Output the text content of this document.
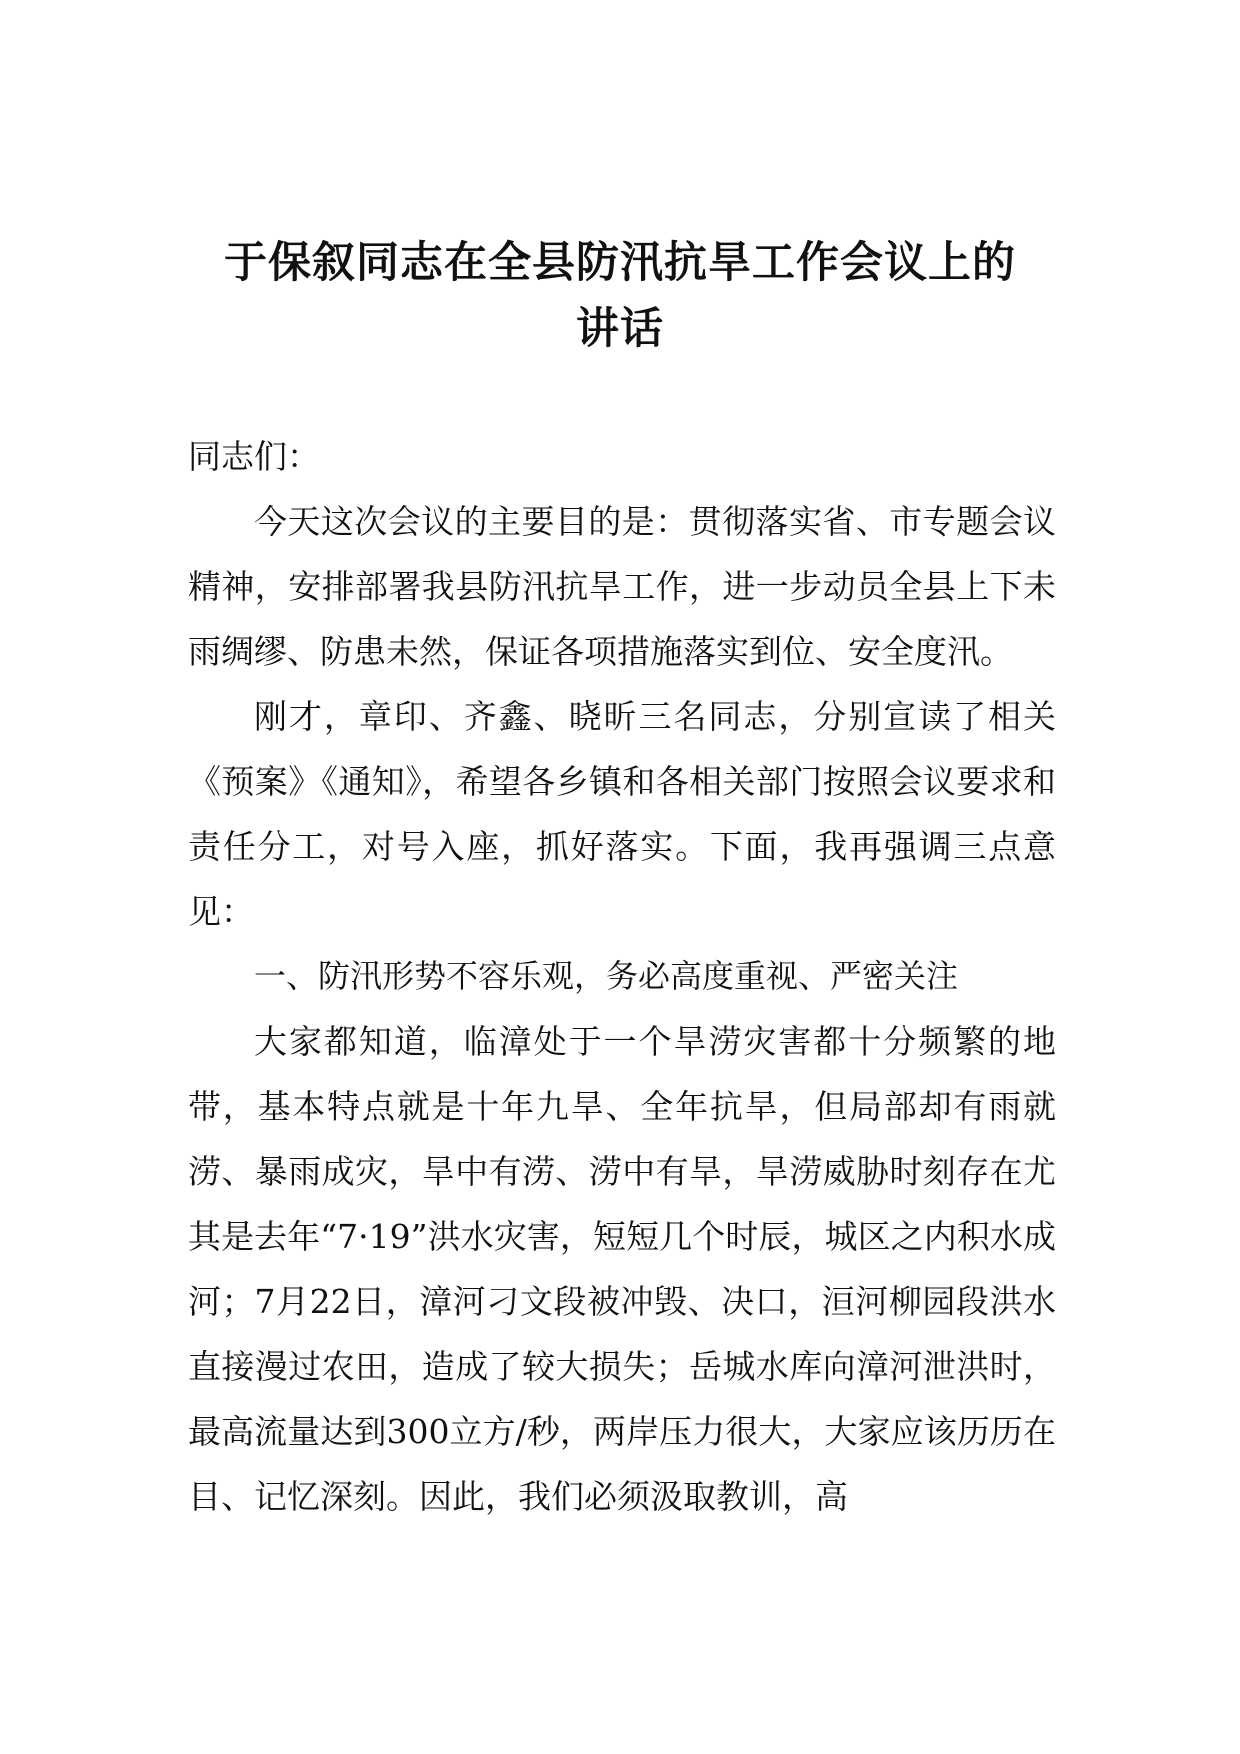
于保叙同志在全县防汛抗旱工作会议上的
讲话

同志们：

今天这次会议的主要目的是：贯彻落实省、市专题会议精神，安排部署我县防汛抗旱工作，进一步动员全县上下未雨绸缪、防患未然，保证各项措施落实到位、安全度汛。

刚才，章印、齐鑫、晓昕三名同志，分别宣读了相关《预案》《通知》，希望各乡镇和各相关部门按照会议要求和责任分工，对号入座，抓好落实。下面，我再强调三点意见：

一、防汛形势不容乐观，务必高度重视、严密关注

大家都知道，临漳处于一个旱涝灾害都十分频繁的地带，基本特点就是十年九旱、全年抗旱，但局部却有雨就涝、暴雨成灾，旱中有涝、涝中有旱，旱涝威胁时刻存在尤其是去年“7·19”洪水灾害，短短几个时辰，城区之内积水成河；7月22日，漳河刁文段被冲毁、决口，洹河柳园段洪水直接漫过农田，造成了较大损失；岳城水库向漳河泄洪时，最高流量达到300立方/秒，两岸压力很大，大家应该历历在目、记忆深刻。因此，我们必须汲取教训，高
